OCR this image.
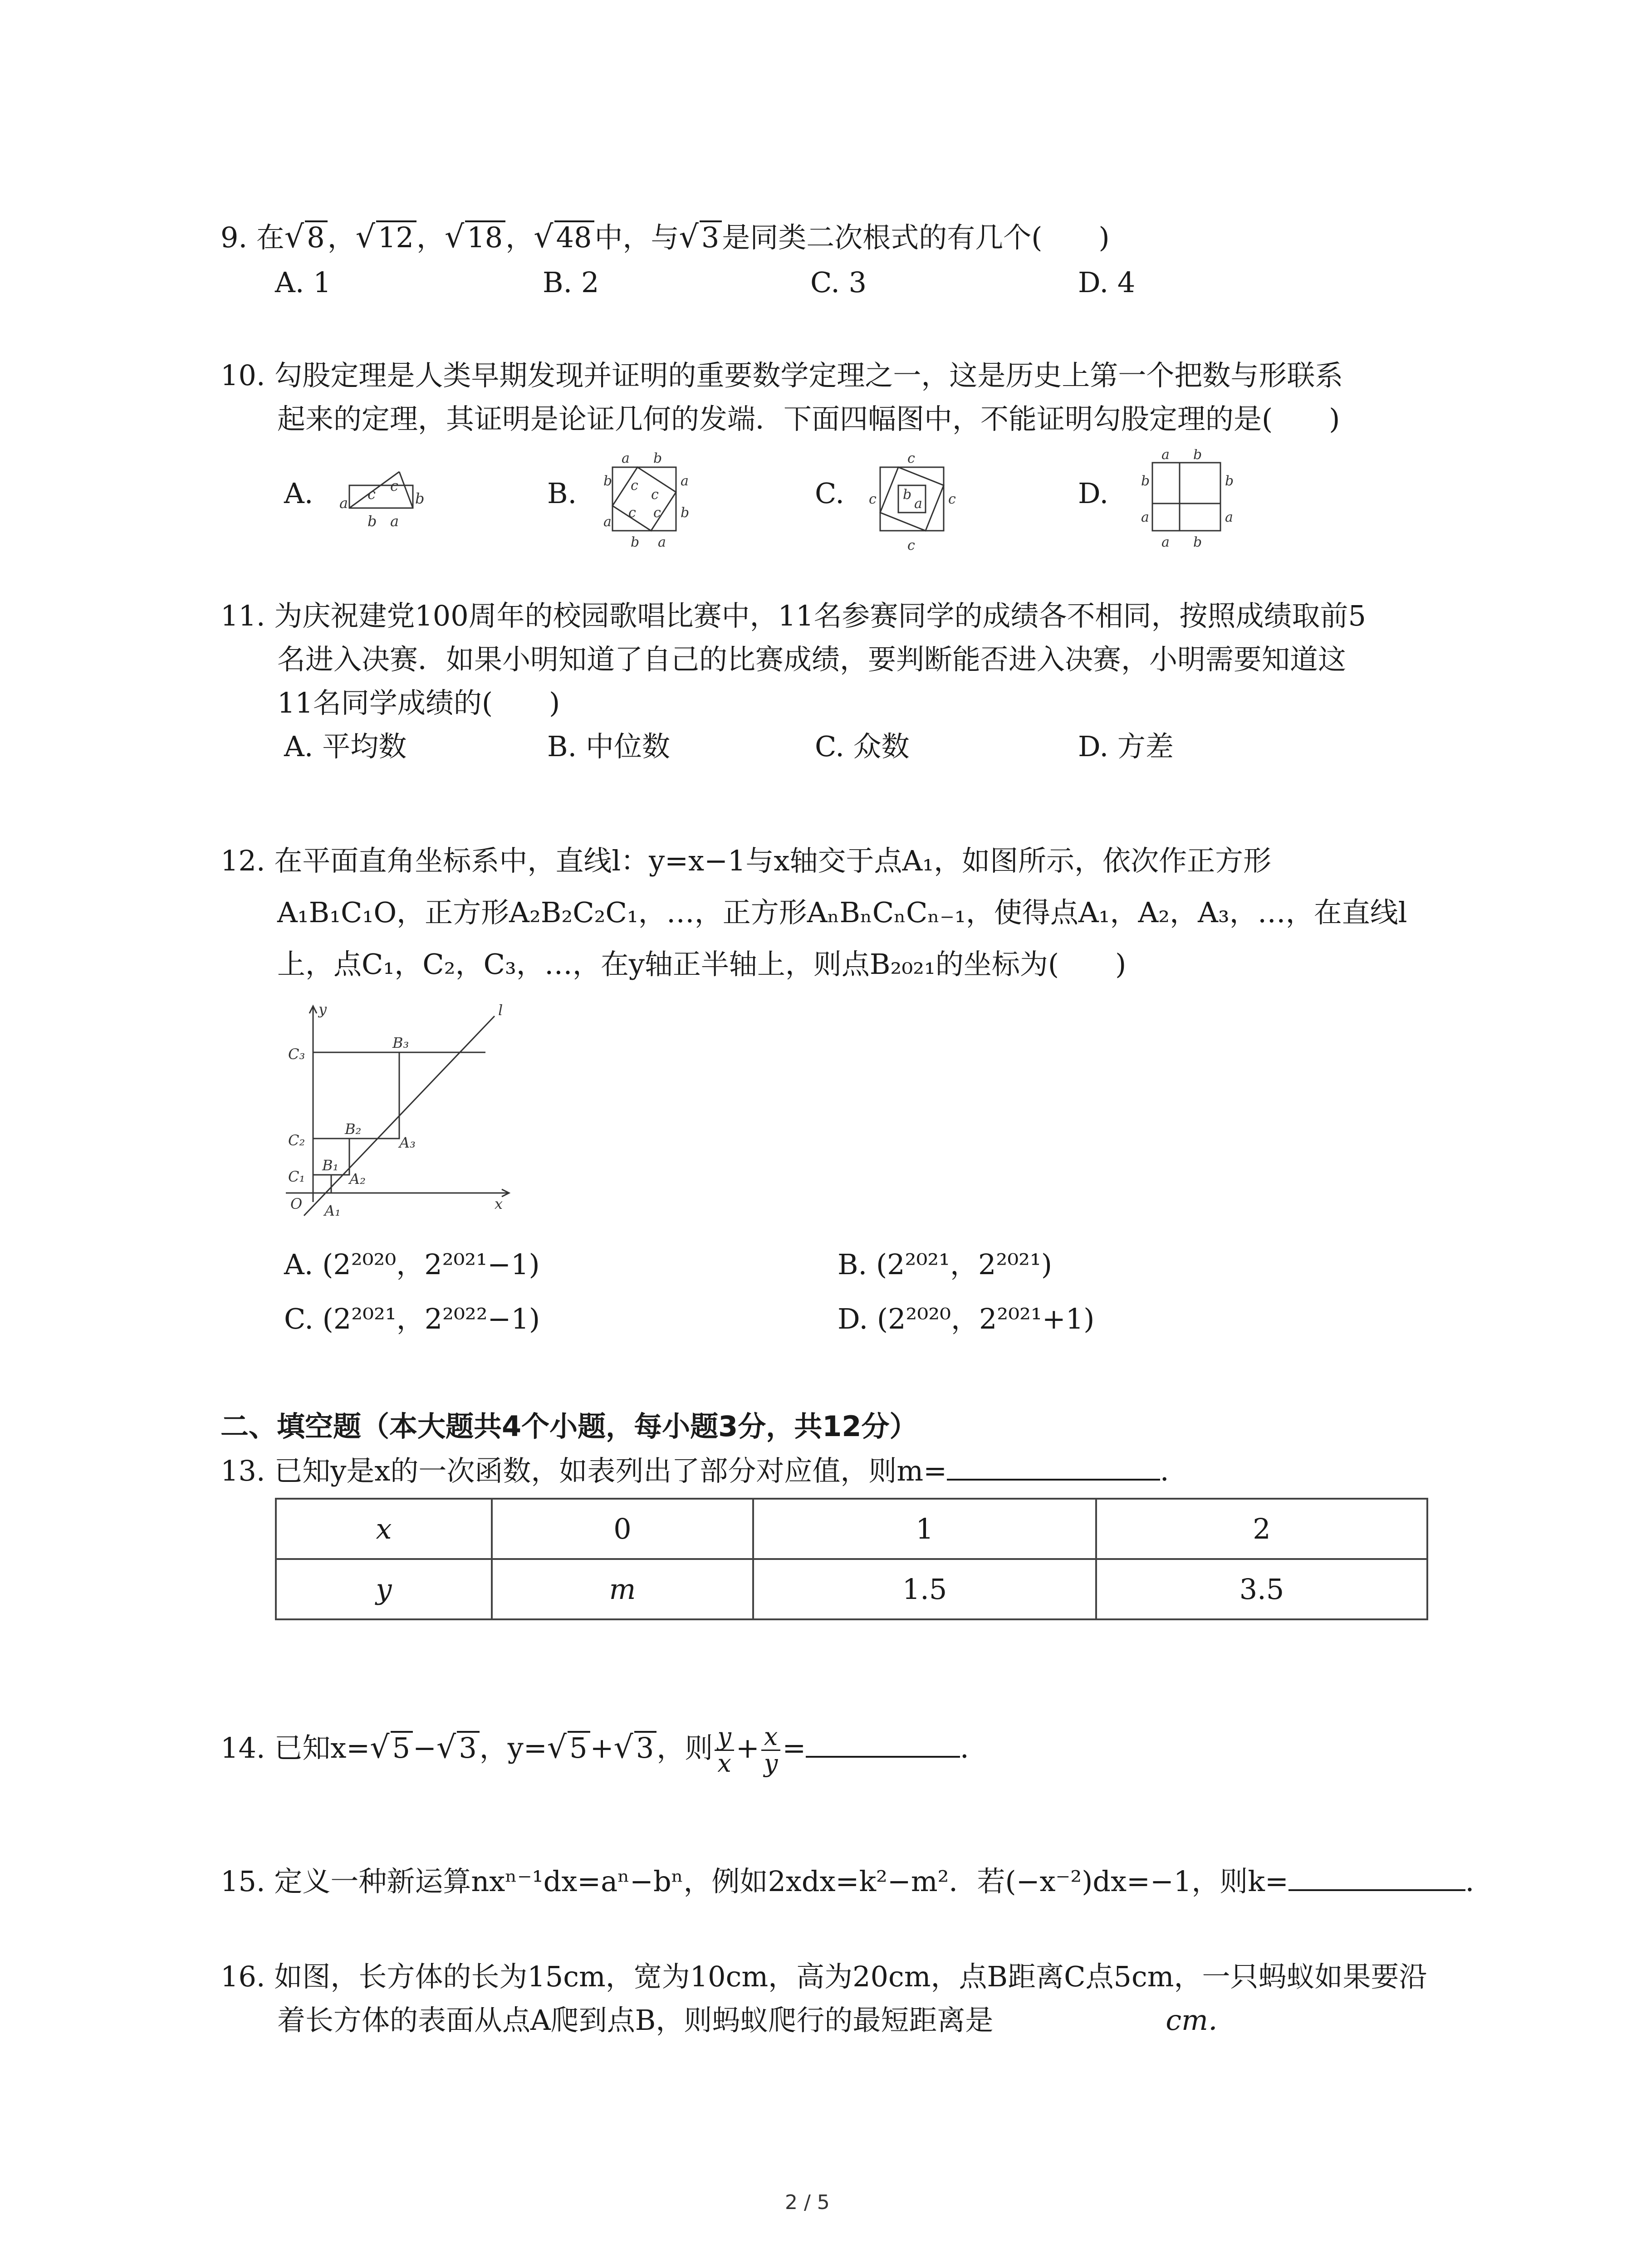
9. 在√8，√12，√18，√48中，与√3是同类二次根式的有几个(　　)
A. 1	B. 2	C. 3	D. 4
10. 勾股定理是人类早期发现并证明的重要数学定理之一，这是历史上第一个把数与形联系
起来的定理，其证明是论证几何的发端．下面四幅图中，不能证明勾股定理的是(　　)
A.	B.	C.	D.
a
c c
b
b a
a b
a
b
b
a
b a
c
c
c c
c
c
c	c
b
a
a b
b	b
a	a
a b
11. 为庆祝建党100周年的校园歌唱比赛中，11名参赛同学的成绩各不相同，按照成绩取前5
名进入决赛．如果小明知道了自己的比赛成绩，要判断能否进入决赛，小明需要知道这
11名同学成绩的(　　)
A. 平均数	B. 中位数	C. 众数	D. 方差
12. 在平面直角坐标系中，直线l：y=x−1与x轴交于点A₁，如图所示，依次作正方形
A₁B₁C₁O，正方形A₂B₂C₂C₁，…，正方形AₙBₙCₙCₙ₋₁，使得点A₁，A₂，A₃，…，在直线l
上，点C₁，C₂，C₃，…，在y轴正半轴上，则点B₂₀₂₁的坐标为(　　)
y
x
l
O A₁
A₂
A₃
B₁
B₂
B₃
C₁
C₂
C₃
A. (2²⁰²⁰，2²⁰²¹−1)	B. (2²⁰²¹，2²⁰²¹)
C. (2²⁰²¹，2²⁰²²−1)	D. (2²⁰²⁰，2²⁰²¹+1)
二、填空题（本大题共4个小题，每小题3分，共12分）
13. 已知y是x的一次函数，如表列出了部分对应值，则m=	．
x	0	1	2
y	m	1.5	3.5
14. 已知x=√5−√3，y=√5+√3，则 $\frac{y}{x} + \frac{x}{y}$ =	．
15. 定义一种新运算nxⁿ⁻¹dx=aⁿ−bⁿ，例如2xdx=k²−m²．若(−x⁻²)dx=−1，则k=	．
16. 如图，长方体的长为15cm，宽为10cm，高为20cm，点B距离C点5cm，一只蚂蚁如果要沿
着长方体的表面从点A爬到点B，则蚂蚁爬行的最短距离是	cm．
2 / 5
